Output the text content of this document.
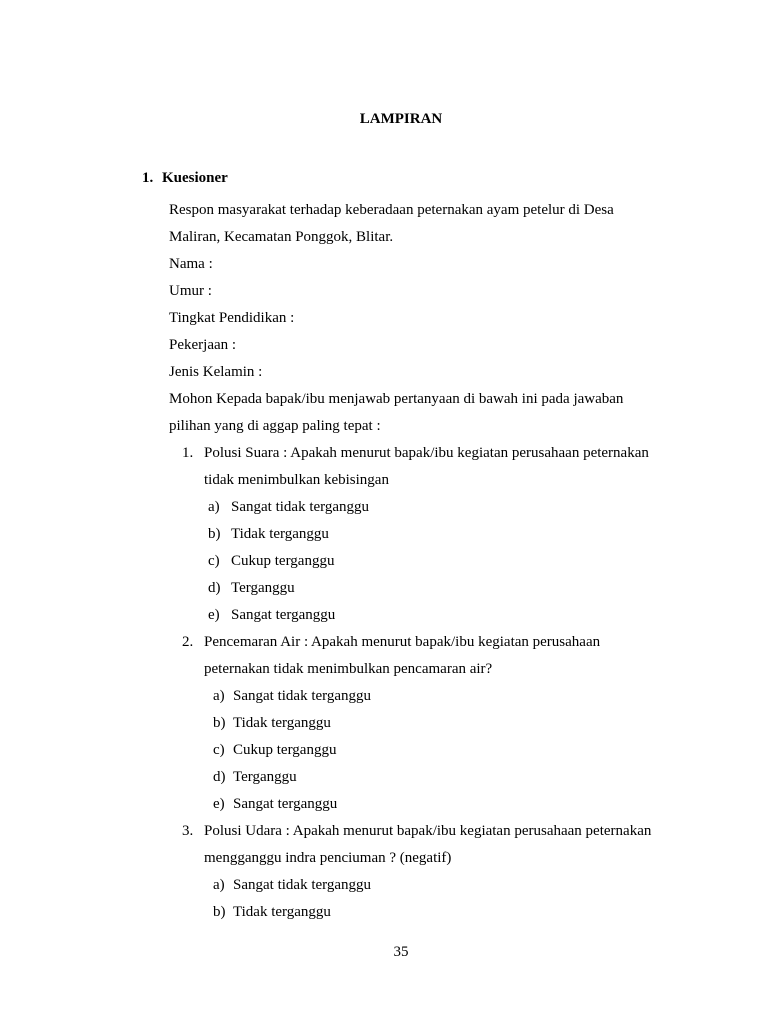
LAMPIRAN
1. Kuesioner
Respon masyarakat terhadap keberadaan peternakan ayam petelur di Desa
Maliran, Kecamatan Ponggok, Blitar.
Nama :
Umur :
Tingkat Pendidikan :
Pekerjaan :
Jenis Kelamin :
Mohon Kepada bapak/ibu menjawab pertanyaan di bawah ini pada jawaban
pilihan yang di aggap paling tepat :
1. Polusi Suara : Apakah menurut bapak/ibu kegiatan perusahaan peternakan
tidak menimbulkan kebisingan
a) Sangat tidak terganggu
b) Tidak terganggu
c) Cukup terganggu
d) Terganggu
e) Sangat terganggu
2. Pencemaran Air : Apakah menurut bapak/ibu kegiatan perusahaan
peternakan tidak menimbulkan pencamaran air?
a) Sangat tidak terganggu
b) Tidak terganggu
c) Cukup terganggu
d) Terganggu
e) Sangat terganggu
3. Polusi Udara : Apakah menurut bapak/ibu kegiatan perusahaan peternakan
mengganggu indra penciuman ? (negatif)
a) Sangat tidak terganggu
b) Tidak terganggu
35
